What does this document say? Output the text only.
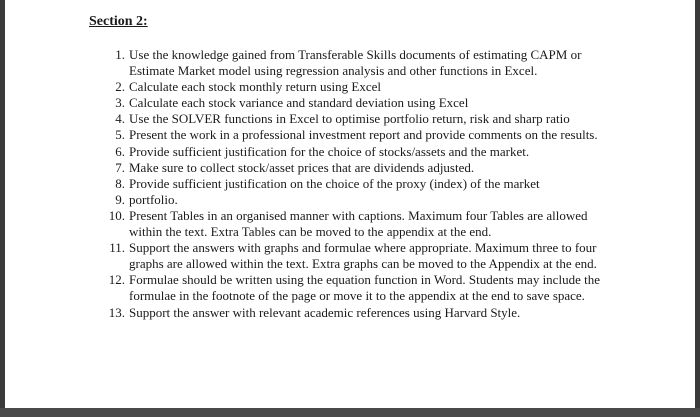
Section 2:
1. Use the knowledge gained from Transferable Skills documents of estimating CAPM or Estimate Market model using regression analysis and other functions in Excel.
2. Calculate each stock monthly return using Excel
3. Calculate each stock variance and standard deviation using Excel
4. Use the SOLVER functions in Excel to optimise portfolio return, risk and sharp ratio
5. Present the work in a professional investment report and provide comments on the results.
6. Provide sufficient justification for the choice of stocks/assets and the market.
7. Make sure to collect stock/asset prices that are dividends adjusted.
8. Provide sufficient justification on the choice of the proxy (index) of the market
9. portfolio.
10. Present Tables in an organised manner with captions. Maximum four Tables are allowed within the text. Extra Tables can be moved to the appendix at the end.
11. Support the answers with graphs and formulae where appropriate. Maximum three to four graphs are allowed within the text. Extra graphs can be moved to the Appendix at the end.
12. Formulae should be written using the equation function in Word. Students may include the formulae in the footnote of the page or move it to the appendix at the end to save space.
13. Support the answer with relevant academic references using Harvard Style.
